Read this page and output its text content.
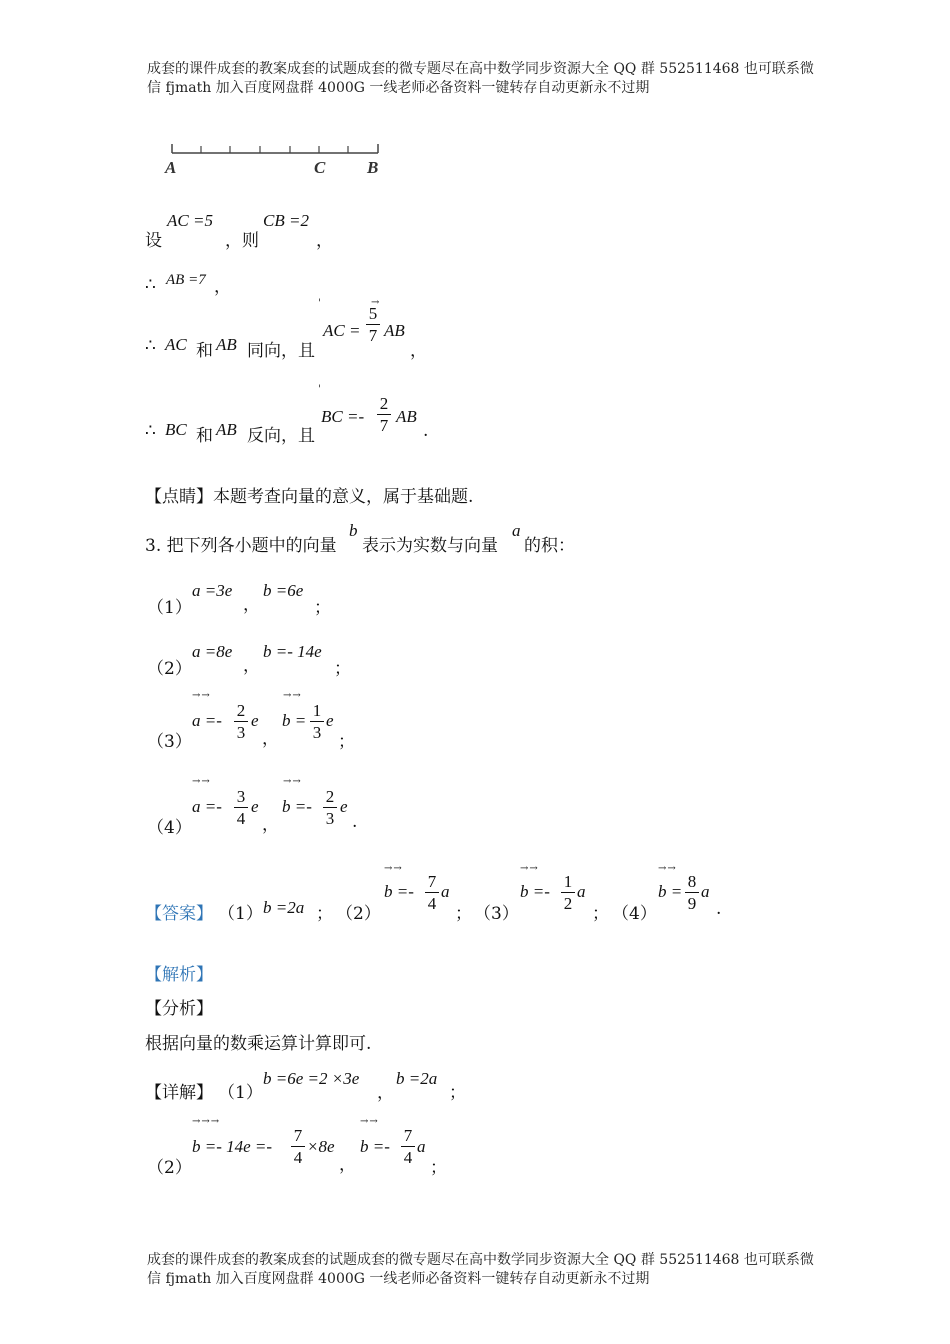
成套的课件成套的教案成套的试题成套的微专题尽在高中数学同步资源大全 QQ 群 552511468 也可联系微
信 fjmath 加入百度网盘群 4000G 一线老师必备资料一键转存自动更新永不过期
A	C B
设
AC =5
，则
CB =2
，
∴ AB =7 ，
∴ AC 和 AB 同向，且
'
AC =
→
$\frac{5}{7}$ AB
，
∴ BC 和 AB 反向，且
'
BC =- $\frac{2}{7}$ AB
.
【点睛】本题考查向量的意义，属于基础题.
3. 把下列各小题中的向量
b
表示为实数与向量
a
的积：
（1）
a =3e
，
b =6e
；
（2）
a =8e
，
b =- 14e
；
（3）
→→
$a =- \frac{2}{3}$ e
，
→→
$b = \frac{1}{3}$ e
；
（4）
→→
$a =- \frac{3}{4}$ e
，
→→
$b =- \frac{2}{3}$ e
.
【答案】 （1） b =2a ； （2）
→→
$b =- \frac{7}{4}$ a
； （3）
→→
$b =- \frac{1}{2}$ a
； （4）
→→
$b = \frac{8}{9}$ a
.
【解析】
【分析】
根据向量的数乘运算计算即可.
【详解】 （1）
b =6e =2 ×3e
，
b =2a
；
（2）
→→→
$b =- 14e =- \frac{7}{4} \times 8e$
，
→→
$b =- \frac{7}{4}$ a
；
成套的课件成套的教案成套的试题成套的微专题尽在高中数学同步资源大全 QQ 群 552511468 也可联系微
信 fjmath 加入百度网盘群 4000G 一线老师必备资料一键转存自动更新永不过期
